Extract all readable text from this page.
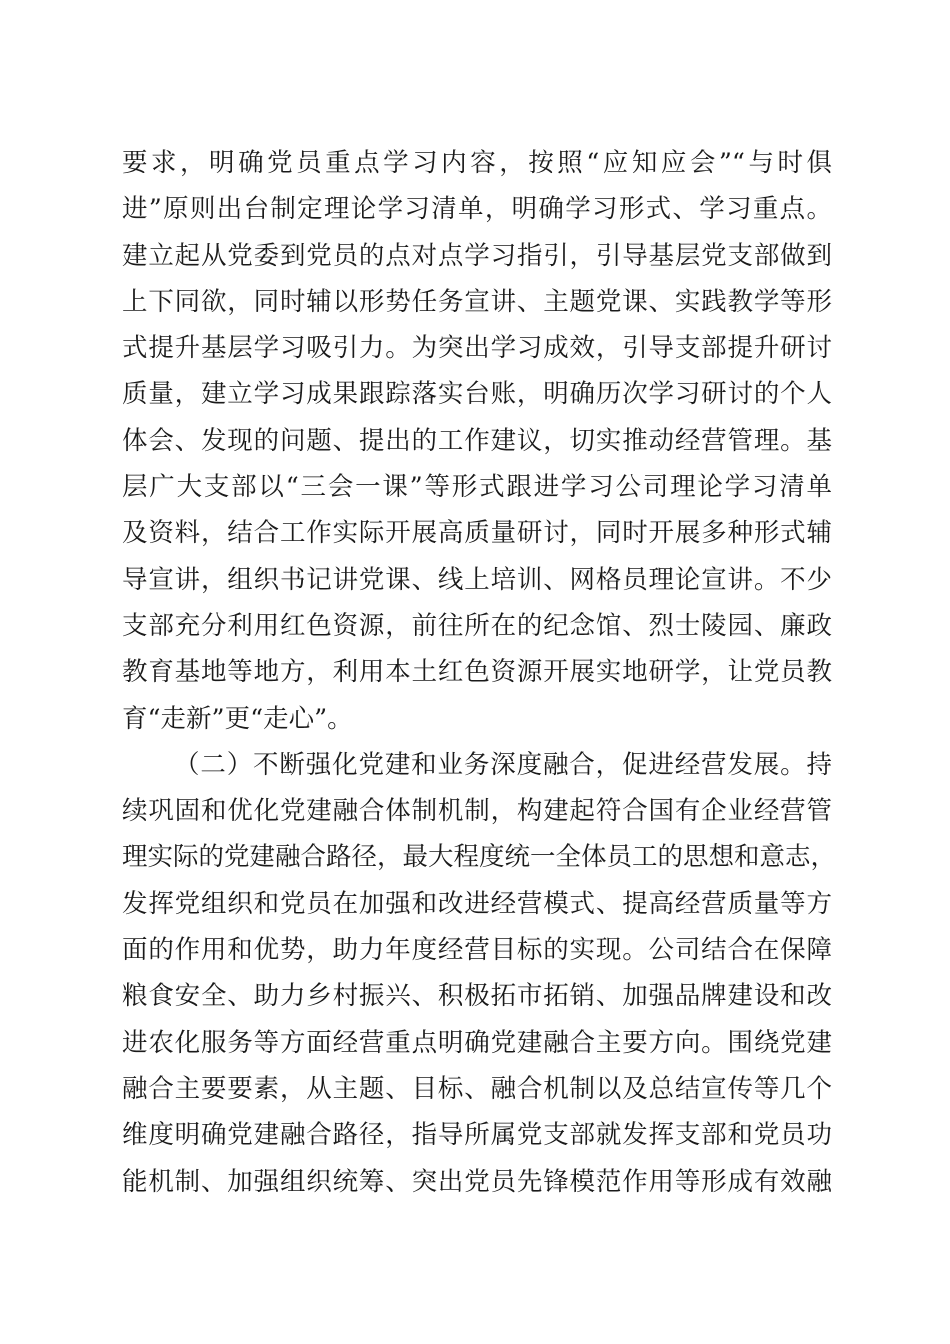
要求，明确党员重点学习内容，按照“应知应会”“与时俱
进”原则出台制定理论学习清单，明确学习形式、学习重点。
建立起从党委到党员的点对点学习指引，引导基层党支部做到
上下同欲，同时辅以形势任务宣讲、主题党课、实践教学等形
式提升基层学习吸引力。为突出学习成效，引导支部提升研讨
质量，建立学习成果跟踪落实台账，明确历次学习研讨的个人
体会、发现的问题、提出的工作建议，切实推动经营管理。基
层广大支部以“三会一课”等形式跟进学习公司理论学习清单
及资料，结合工作实际开展高质量研讨，同时开展多种形式辅
导宣讲，组织书记讲党课、线上培训、网格员理论宣讲。不少
支部充分利用红色资源，前往所在的纪念馆、烈士陵园、廉政
教育基地等地方，利用本土红色资源开展实地研学，让党员教
育“走新”更“走心”。
（二）不断强化党建和业务深度融合，促进经营发展。持
续巩固和优化党建融合体制机制，构建起符合国有企业经营管
理实际的党建融合路径，最大程度统一全体员工的思想和意志，
发挥党组织和党员在加强和改进经营模式、提高经营质量等方
面的作用和优势，助力年度经营目标的实现。公司结合在保障
粮食安全、助力乡村振兴、积极拓市拓销、加强品牌建设和改
进农化服务等方面经营重点明确党建融合主要方向。围绕党建
融合主要要素，从主题、目标、融合机制以及总结宣传等几个
维度明确党建融合路径，指导所属党支部就发挥支部和党员功
能机制、加强组织统筹、突出党员先锋模范作用等形成有效融
